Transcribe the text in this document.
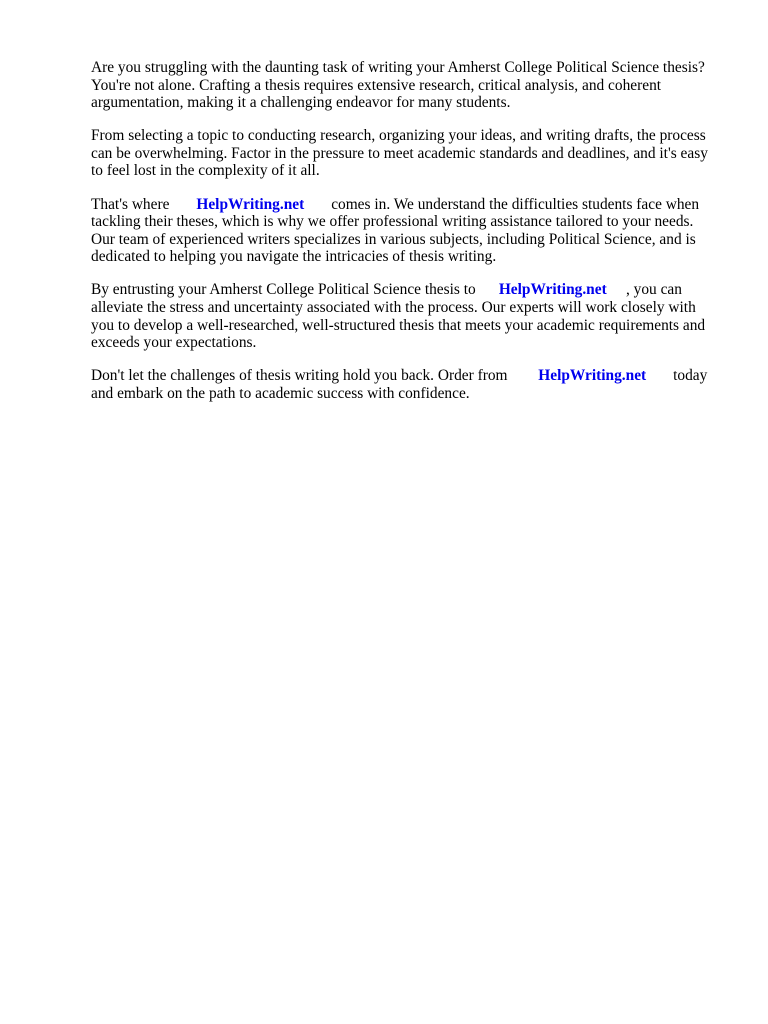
Are you struggling with the daunting task of writing your Amherst College Political Science thesis? You're not alone. Crafting a thesis requires extensive research, critical analysis, and coherent argumentation, making it a challenging endeavor for many students.

From selecting a topic to conducting research, organizing your ideas, and writing drafts, the process can be overwhelming. Factor in the pressure to meet academic standards and deadlines, and it's easy to feel lost in the complexity of it all.

That's where HelpWriting.net comes in. We understand the difficulties students face when tackling their theses, which is why we offer professional writing assistance tailored to your needs. Our team of experienced writers specializes in various subjects, including Political Science, and is dedicated to helping you navigate the intricacies of thesis writing.

By entrusting your Amherst College Political Science thesis to HelpWriting.net , you can alleviate the stress and uncertainty associated with the process. Our experts will work closely with you to develop a well-researched, well-structured thesis that meets your academic requirements and exceeds your expectations.

Don't let the challenges of thesis writing hold you back. Order from HelpWriting.net today and embark on the path to academic success with confidence.
